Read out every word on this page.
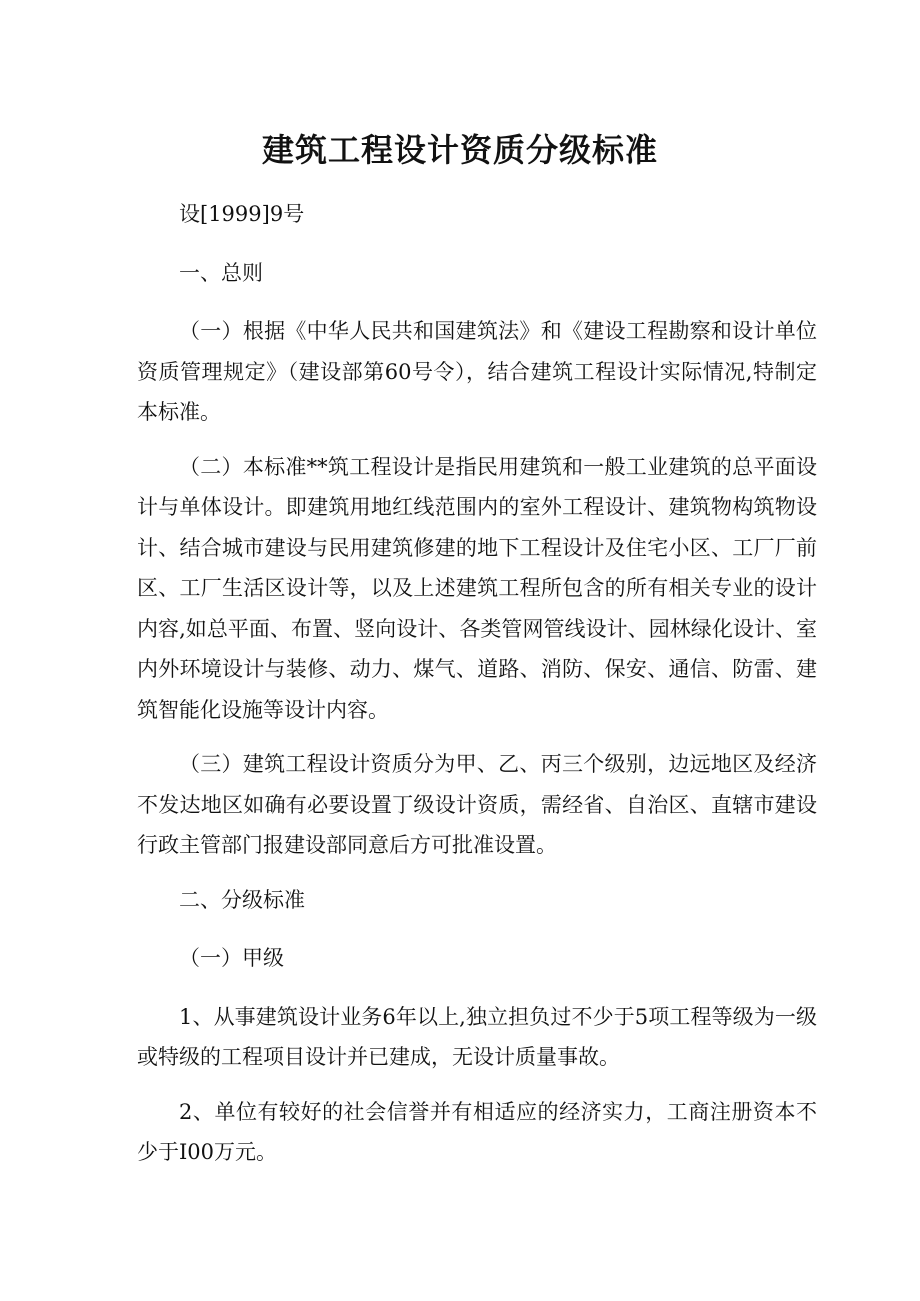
建筑工程设计资质分级标准

设[1999]9号

一、总则

（一）根据《中华人民共和国建筑法》和《建设工程勘察和设计单位资质管理规定》（建设部第60号令），结合建筑工程设计实际情况,特制定本标准。

（二）本标准**筑工程设计是指民用建筑和一般工业建筑的总平面设计与单体设计。即建筑用地红线范围内的室外工程设计、建筑物构筑物设计、结合城市建设与民用建筑修建的地下工程设计及住宅小区、工厂厂前区、工厂生活区设计等，以及上述建筑工程所包含的所有相关专业的设计内容,如总平面、布置、竖向设计、各类管网管线设计、园林绿化设计、室内外环境设计与装修、动力、煤气、道路、消防、保安、通信、防雷、建筑智能化设施等设计内容。

（三）建筑工程设计资质分为甲、乙、丙三个级别，边远地区及经济不发达地区如确有必要设置丁级设计资质，需经省、自治区、直辖市建设行政主管部门报建设部同意后方可批准设置。

二、分级标准

（一）甲级

1、从事建筑设计业务6年以上,独立担负过不少于5项工程等级为一级或特级的工程项目设计并已建成，无设计质量事故。

2、单位有较好的社会信誉并有相适应的经济实力，工商注册资本不少于I00万元。
